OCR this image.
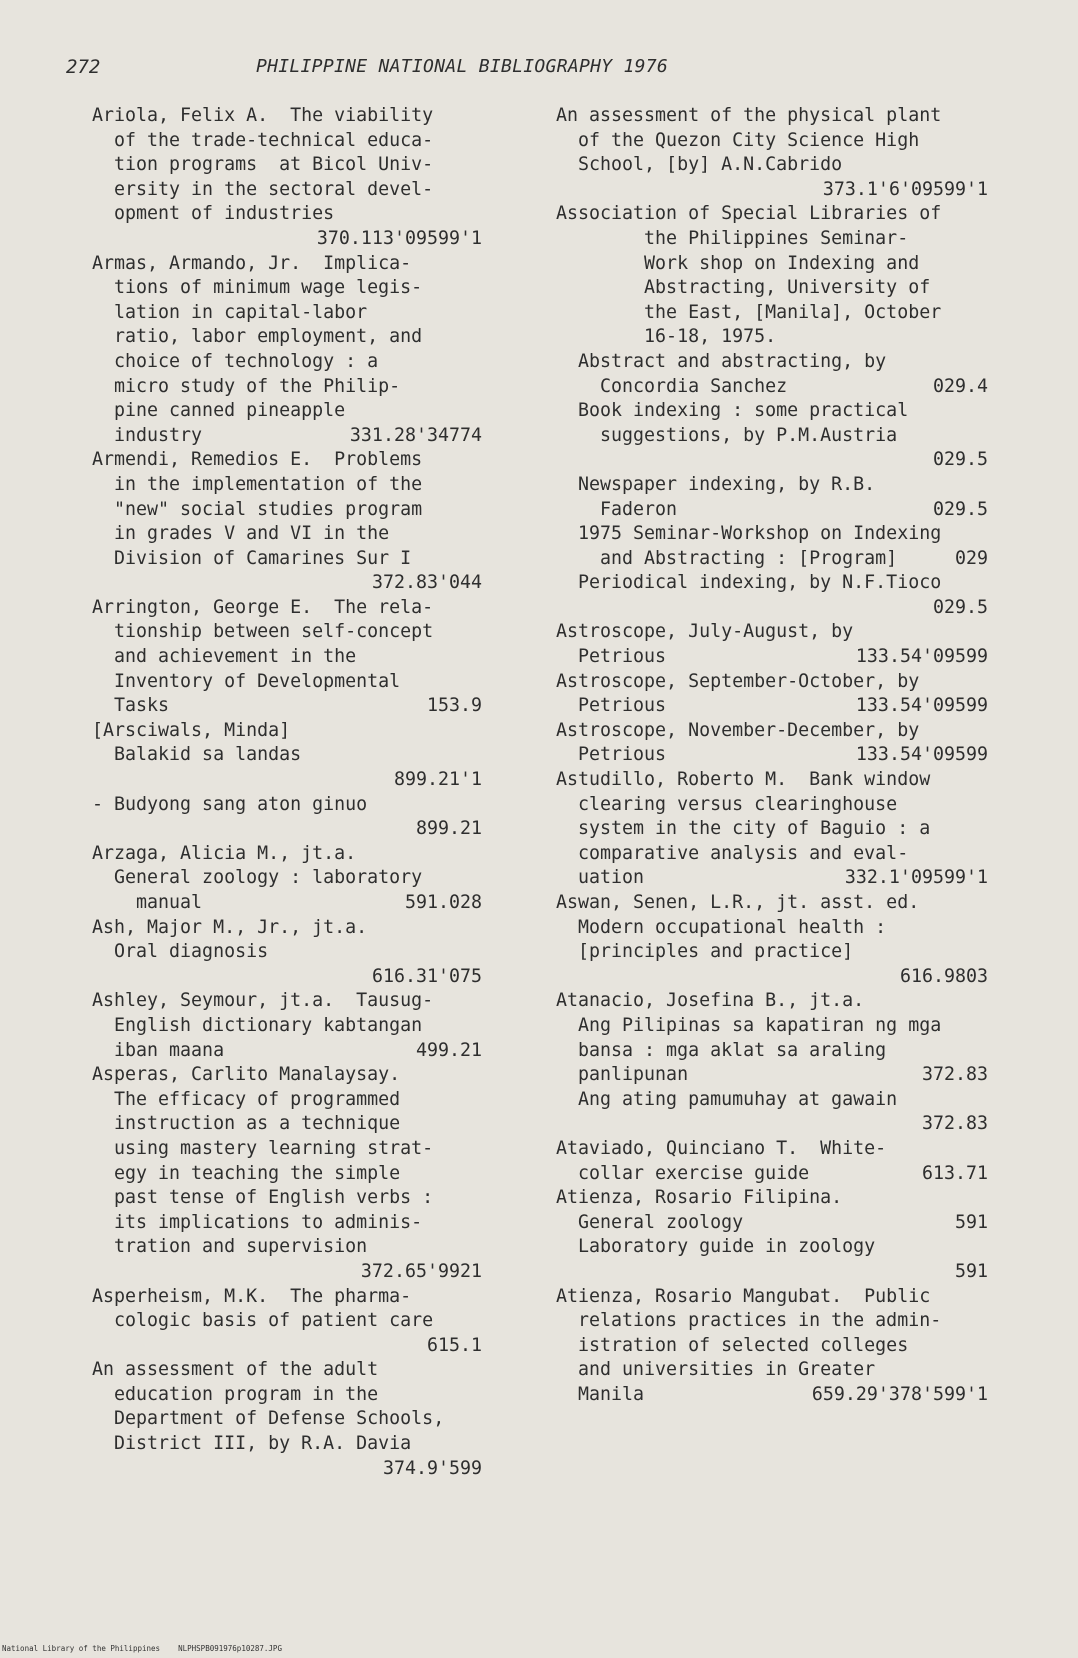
272	PHILIPPINE NATIONAL BIBLIOGRAPHY 1976
Ariola, Felix A.  The viability
of the trade-technical educa-
tion programs  at Bicol Univ-
ersity in the sectoral devel-
opment of industries
370.113'09599'1
Armas, Armando, Jr.  Implica-
tions of minimum wage legis-
lation in capital-labor
ratio, labor employment, and
choice of technology : a
micro study of the Philip-
pine canned pineapple
industry	331.28'34774
Armendi, Remedios E.  Problems
in the implementation of the
"new" social studies program
in grades V and VI in the
Division of Camarines Sur I
372.83'044
Arrington, George E.  The rela-
tionship between self-concept
and achievement in the
Inventory of Developmental
Tasks	153.9
[Arsciwals, Minda]
Balakid sa landas
899.21'1
- Budyong sang aton ginuo
899.21
Arzaga, Alicia M., jt.a.
General zoology : laboratory
manual	591.028
Ash, Major M., Jr., jt.a.
Oral diagnosis
616.31'075
Ashley, Seymour, jt.a.  Tausug-
English dictionary kabtangan
iban maana	499.21
Asperas, Carlito Manalaysay.
The efficacy of programmed
instruction as a technique
using mastery learning strat-
egy in teaching the simple
past tense of English verbs :
its implications to adminis-
tration and supervision
372.65'9921
Asperheism, M.K.  The pharma-
cologic basis of patient care
615.1
An assessment of the adult
education program in the
Department of Defense Schools,
District III, by R.A. Davia
374.9'599
An assessment of the physical plant
of the Quezon City Science High
School, [by] A.N.Cabrido
373.1'6'09599'1
Association of Special Libraries of
the Philippines Seminar-
Work shop on Indexing and
Abstracting, University of
the East, [Manila], October
16-18, 1975.
Abstract and abstracting, by
Concordia Sanchez	029.4
Book indexing : some practical
suggestions, by P.M.Austria
029.5
Newspaper indexing, by R.B.
Faderon	029.5
1975 Seminar-Workshop on Indexing
and Abstracting : [Program]	029
Periodical indexing, by N.F.Tioco
029.5
Astroscope, July-August, by
Petrious	133.54'09599
Astroscope, September-October, by
Petrious	133.54'09599
Astroscope, November-December, by
Petrious	133.54'09599
Astudillo, Roberto M.  Bank window
clearing versus clearinghouse
system in the city of Baguio : a
comparative analysis and eval-
uation	332.1'09599'1
Aswan, Senen, L.R., jt. asst. ed.
Modern occupational health :
[principles and practice]
616.9803
Atanacio, Josefina B., jt.a.
Ang Pilipinas sa kapatiran ng mga
bansa : mga aklat sa araling
panlipunan	372.83
Ang ating pamumuhay at gawain
372.83
Ataviado, Quinciano T.  White-
collar exercise guide	613.71
Atienza, Rosario Filipina.
General zoology	591
Laboratory guide in zoology
591
Atienza, Rosario Mangubat.  Public
relations practices in the admin-
istration of selected colleges
and universities in Greater
Manila	659.29'378'599'1
National Library of the Philippines    NLPHSPB091976p10287.JPG
